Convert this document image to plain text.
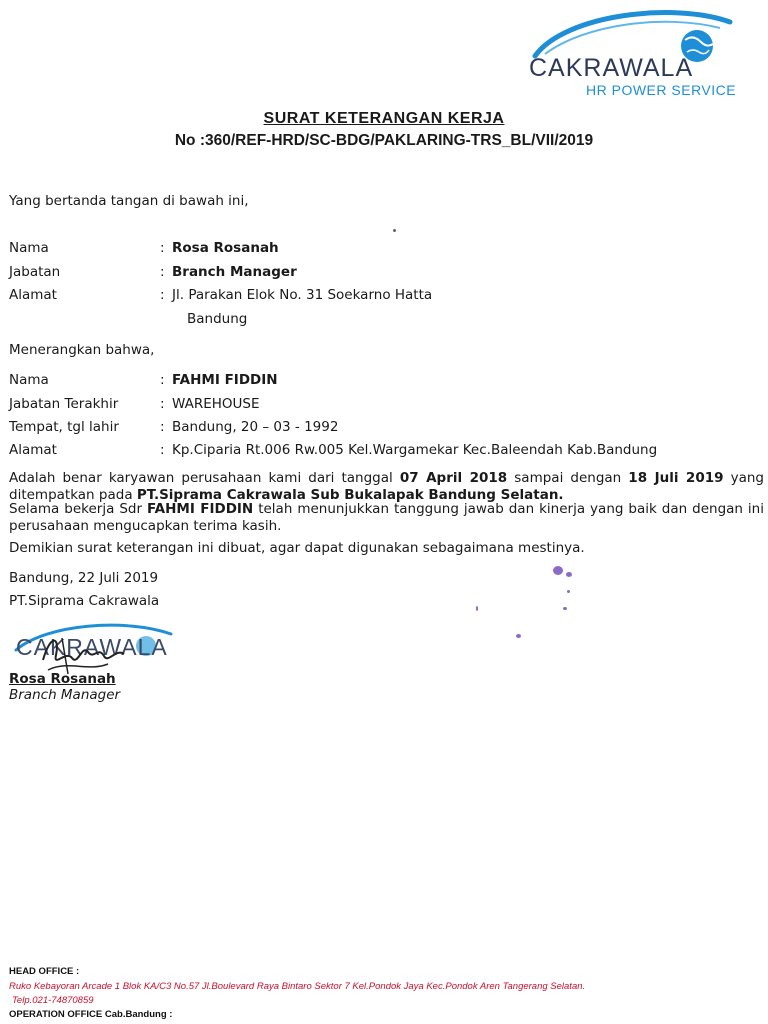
CAKRAWALA
HR POWER SERVICE
SURAT KETERANGAN KERJA
No :360/REF-HRD/SC-BDG/PAKLARING-TRS_BL/VII/2019
Yang bertanda tangan di bawah ini,
Nama	: Rosa Rosanah
Jabatan	: Branch Manager
Alamat	: Jl. Parakan Elok No. 31 Soekarno Hatta
Bandung
Menerangkan bahwa,
Nama	: FAHMI FIDDIN
Jabatan Terakhir	: WAREHOUSE
Tempat, tgl lahir	: Bandung, 20 – 03 - 1992
Alamat	: Kp.Ciparia Rt.006 Rw.005 Kel.Wargamekar Kec.Baleendah Kab.Bandung
Adalah benar karyawan perusahaan kami dari tanggal 07 April 2018 sampai dengan 18 Juli 2019 yang ditempatkan pada PT.Siprama Cakrawala Sub Bukalapak Bandung Selatan.
Selama bekerja Sdr FAHMI FIDDIN telah menunjukkan tanggung jawab dan kinerja yang baik dan dengan ini perusahaan mengucapkan terima kasih.
Demikian surat keterangan ini dibuat, agar dapat digunakan sebagaimana mestinya.
Bandung, 22 Juli 2019
PT.Siprama Cakrawala
CAKRAWALA
Rosa Rosanah
Branch Manager
HEAD OFFICE :
Ruko Kebayoran Arcade 1 Blok KA/C3 No.57 Jl.Boulevard Raya Bintaro Sektor 7 Kel.Pondok Jaya Kec.Pondok Aren Tangerang Selatan.
Telp.021-74870859
OPERATION OFFICE Cab.Bandung :
